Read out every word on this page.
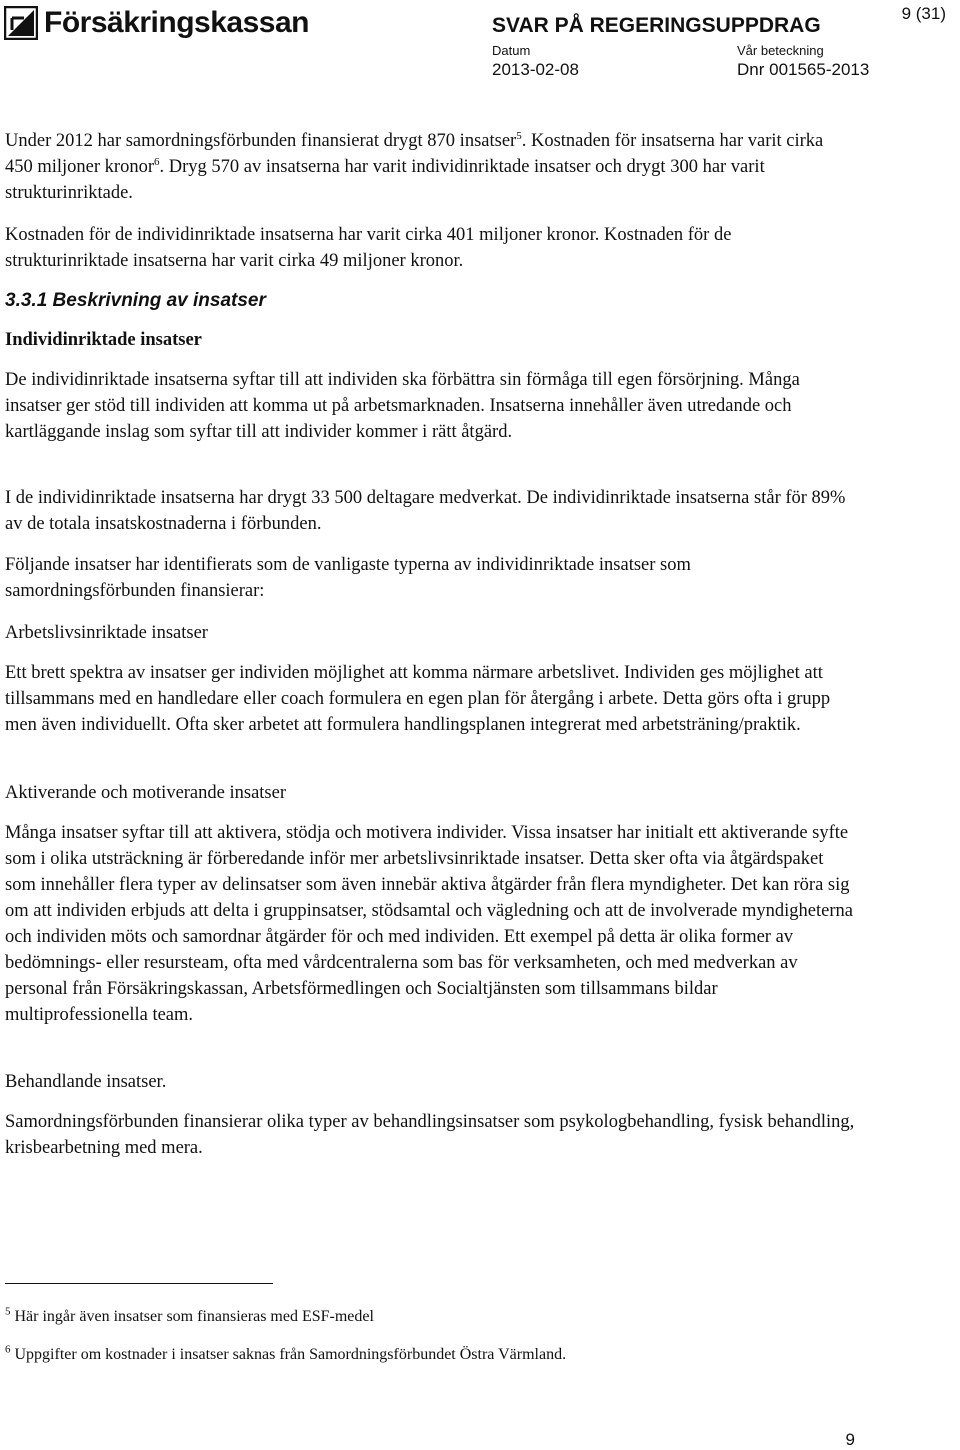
Försäkringskassan	SVAR PÅ REGERINGSUPPDRAG
Datum	Vår beteckning
2013-02-08	Dnr 001565-2013
9 (31)

Under 2012 har samordningsförbunden finansierat drygt 870 insatser$^5$. Kostnaden för insatserna har varit cirka 450 miljoner kronor$^6$. Dryg 570 av insatserna har varit individinriktade insatser och drygt 300 har varit strukturinriktade.

Kostnaden för de individinriktade insatserna har varit cirka 401 miljoner kronor. Kostnaden för de strukturinriktade insatserna har varit cirka 49 miljoner kronor.

3.3.1 Beskrivning av insatser

Individinriktade insatser

De individinriktade insatserna syftar till att individen ska förbättra sin förmåga till egen försörjning. Många insatser ger stöd till individen att komma ut på arbetsmarknaden. Insatserna innehåller även utredande och kartläggande inslag som syftar till att individer kommer i rätt åtgärd.

I de individinriktade insatserna har drygt 33 500 deltagare medverkat. De individinriktade insatserna står för 89% av de totala insatskostnaderna i förbunden.

Följande insatser har identifierats som de vanligaste typerna av individinriktade insatser som samordningsförbunden finansierar:

Arbetslivsinriktade insatser

Ett brett spektra av insatser ger individen möjlighet att komma närmare arbetslivet. Individen ges möjlighet att tillsammans med en handledare eller coach formulera en egen plan för återgång i arbete. Detta görs ofta i grupp men även individuellt. Ofta sker arbetet att formulera handlingsplanen integrerat med arbetsträning/praktik.

Aktiverande och motiverande insatser

Många insatser syftar till att aktivera, stödja och motivera individer. Vissa insatser har initialt ett aktiverande syfte som i olika utsträckning är förberedande inför mer arbetslivsinriktade insatser. Detta sker ofta via åtgärdspaket som innehåller flera typer av delinsatser som även innebär aktiva åtgärder från flera myndigheter. Det kan röra sig om att individen erbjuds att delta i gruppinsatser, stödsamtal och vägledning och att de involverade myndigheterna och individen möts och samordnar åtgärder för och med individen. Ett exempel på detta är olika former av bedömnings- eller resursteam, ofta med vårdcentralerna som bas för verksamheten, och med medverkan av personal från Försäkringskassan, Arbetsförmedlingen och Socialtjänsten som tillsammans bildar multiprofessionella team.

Behandlande insatser.

Samordningsförbunden finansierar olika typer av behandlingsinsatser som psykologbehandling, fysisk behandling, krisbearbetning med mera.

$^5$ Här ingår även insatser som finansieras med ESF-medel
$^6$ Uppgifter om kostnader i insatser saknas från Samordningsförbundet Östra Värmland.
9
